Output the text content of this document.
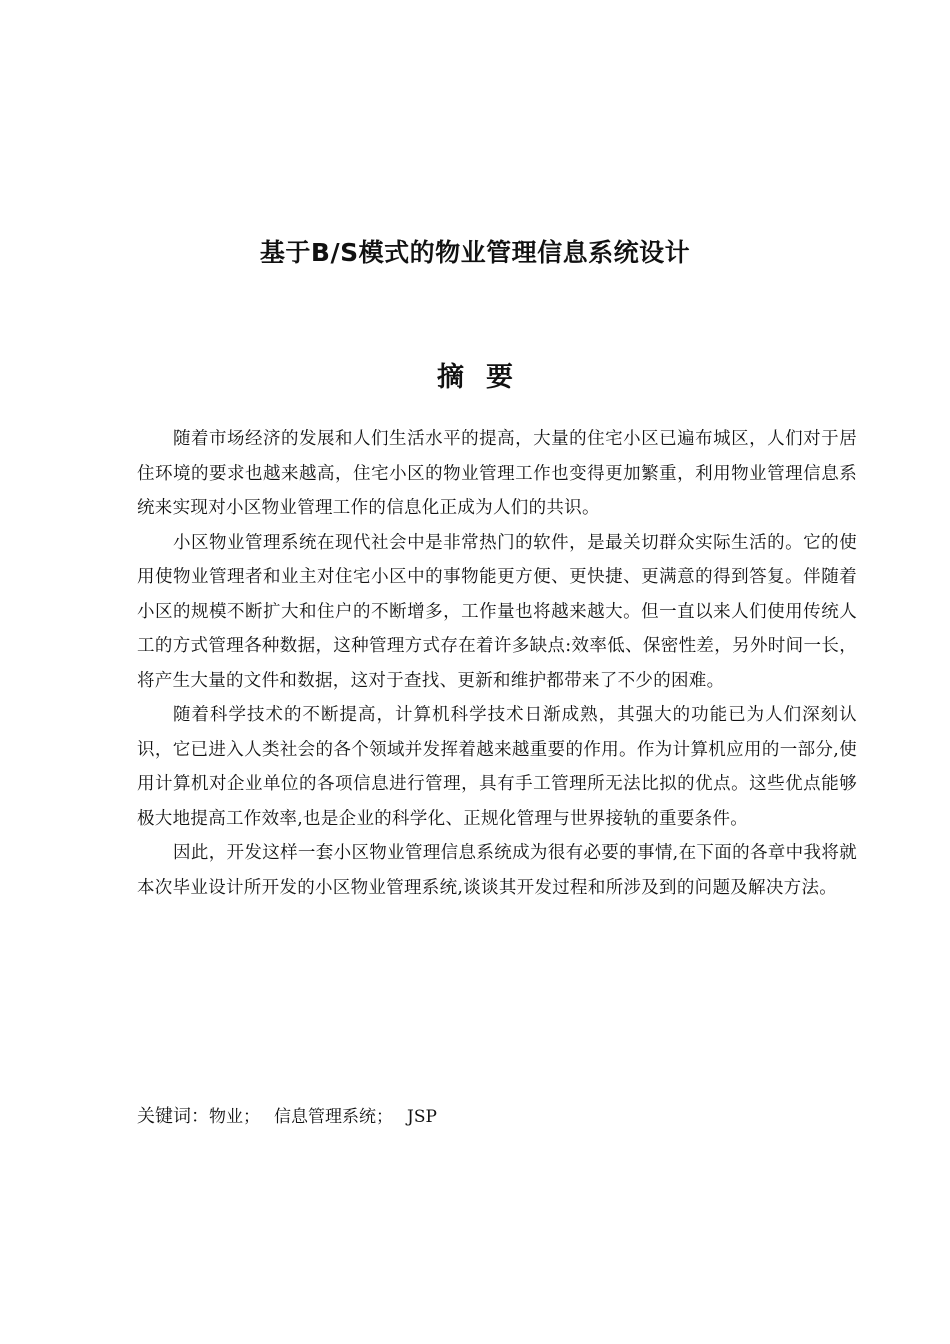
基于B/S模式的物业管理信息系统设计
摘要

随着市场经济的发展和人们生活水平的提高，大量的住宅小区已遍布城区，人们对于居住环境的要求也越来越高，住宅小区的物业管理工作也变得更加繁重，利用物业管理信息系统来实现对小区物业管理工作的信息化正成为人们的共识。

小区物业管理系统在现代社会中是非常热门的软件，是最关切群众实际生活的。它的使用使物业管理者和业主对住宅小区中的事物能更方便、更快捷、更满意的得到答复。伴随着小区的规模不断扩大和住户的不断增多，工作量也将越来越大。但一直以来人们使用传统人工的方式管理各种数据，这种管理方式存在着许多缺点:效率低、保密性差，另外时间一长，将产生大量的文件和数据，这对于查找、更新和维护都带来了不少的困难。

随着科学技术的不断提高，计算机科学技术日渐成熟，其强大的功能已为人们深刻认识，它已进入人类社会的各个领域并发挥着越来越重要的作用。作为计算机应用的一部分,使用计算机对企业单位的各项信息进行管理，具有手工管理所无法比拟的优点。这些优点能够极大地提高工作效率,也是企业的科学化、正规化管理与世界接轨的重要条件。

因此，开发这样一套小区物业管理信息系统成为很有必要的事情,在下面的各章中我将就本次毕业设计所开发的小区物业管理系统,谈谈其开发过程和所涉及到的问题及解决方法。

关键词：物业； 信息管理系统； JSP
